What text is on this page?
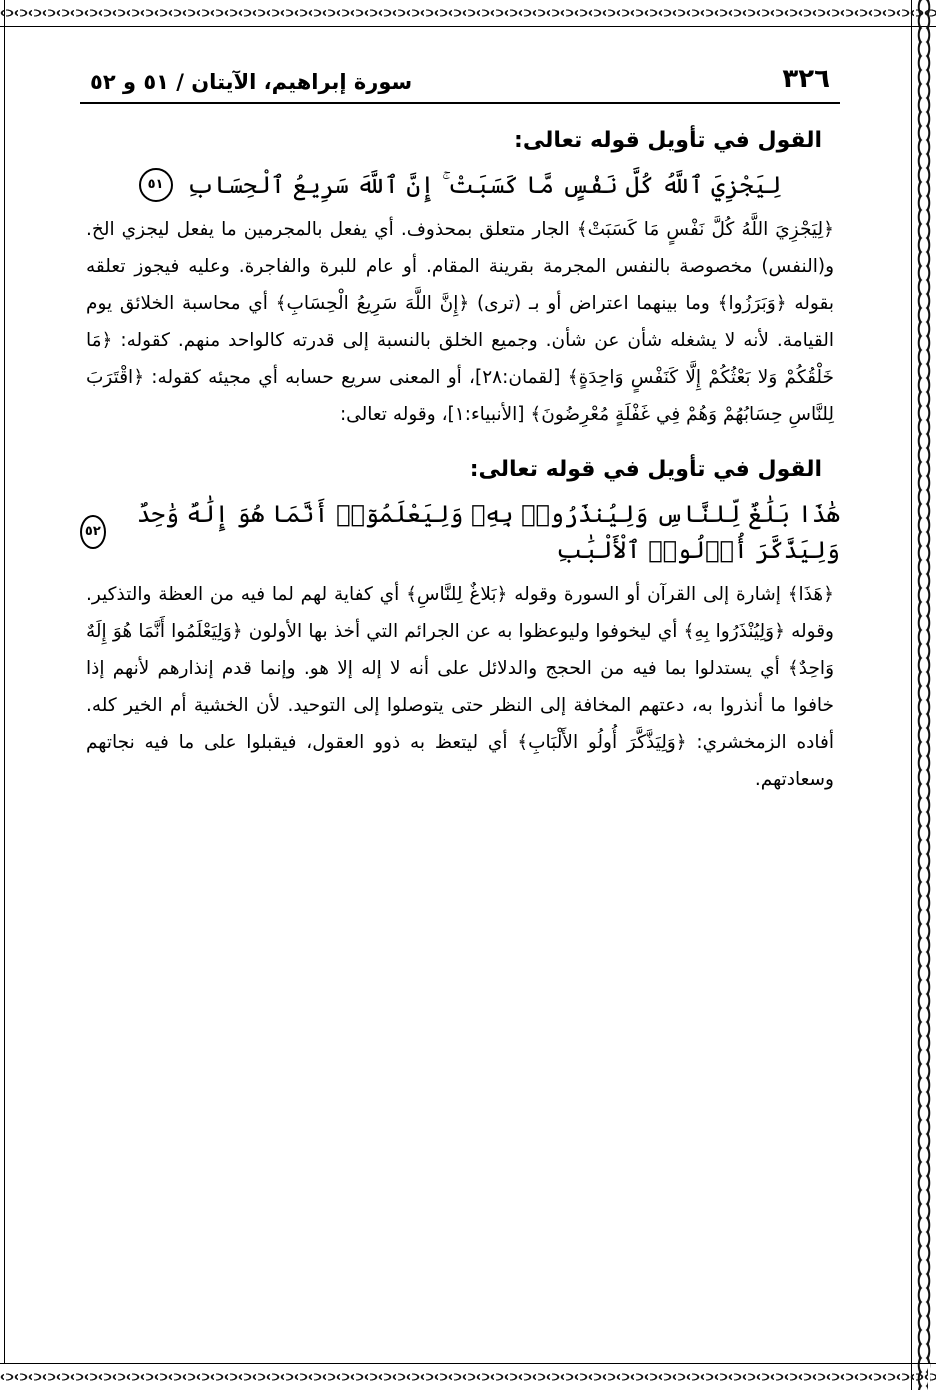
٣٢٦
سورة إبراهيم، الآيتان / ٥١ و ٥٢
القول في تأويل قوله تعالى:
لِيَجْزِيَ ٱللَّهُ كُلَّ نَفْسٍ مَّا كَسَبَتْ ۚ إِنَّ ٱللَّهَ سَرِيعُ ٱلْحِسَابِ
٥١

﴿لِيَجْزِيَ اللَّهُ كُلَّ نَفْسٍ مَا كَسَبَتْ﴾ الجار متعلق بمحذوف. أي يفعل بالمجرمين ما يفعل ليجزي الخ. و(النفس) مخصوصة بالنفس المجرمة بقرينة المقام. أو عام للبرة والفاجرة. وعليه فيجوز تعلقه بقوله ﴿وَبَرَزُوا﴾ وما بينهما اعتراض أو بـ (ترى) ﴿إِنَّ اللَّهَ سَرِيعُ الْحِسَابِ﴾ أي محاسبة الخلائق يوم القيامة. لأنه لا يشغله شأن عن شأن. وجميع الخلق بالنسبة إلى قدرته كالواحد منهم. كقوله: ﴿مَا خَلْقُكُمْ وَلا بَعْثُكُمْ إِلَّا كَنَفْسٍ وَاحِدَةٍ﴾ [لقمان:٢٨]، أو المعنى سريع حسابه أي مجيئه كقوله: ﴿اقْتَرَبَ لِلنَّاسِ حِسَابُهُمْ وَهُمْ فِي غَفْلَةٍ مُعْرِضُونَ﴾ [الأنبياء:١]، وقوله تعالى:

القول في تأويل في قوله تعالى:
هَٰذَا بَلَٰغٌ لِّلنَّاسِ وَلِيُنذَرُوا۟ بِهِۦ وَلِيَعْلَمُوٓا۟ أَنَّمَا هُوَ إِلَٰهٌ وَٰحِدٌ وَلِيَذَّكَّرَ أُو۟لُوا۟ ٱلْأَلْبَٰبِ
٥٢

﴿هَذَا﴾ إشارة إلى القرآن أو السورة وقوله ﴿بَلاغٌ لِلنَّاسِ﴾ أي كفاية لهم لما فيه من العظة والتذكير. وقوله ﴿وَلِيُنْذَرُوا بِهِ﴾ أي ليخوفوا وليوعظوا به عن الجرائم التي أخذ بها الأولون ﴿وَلِيَعْلَمُوا أَنَّمَا هُوَ إِلَهٌ وَاحِدٌ﴾ أي يستدلوا بما فيه من الحجج والدلائل على أنه لا إله إلا هو. وإنما قدم إنذارهم لأنهم إذا خافوا ما أنذروا به، دعتهم المخافة إلى النظر حتى يتوصلوا إلى التوحيد. لأن الخشية أم الخير كله. أفاده الزمخشري: ﴿وَلِيَذَّكَّرَ أُولُو الأَلْبَابِ﴾ أي ليتعظ به ذوو العقول، فيقبلوا على ما فيه نجاتهم وسعادتهم.
